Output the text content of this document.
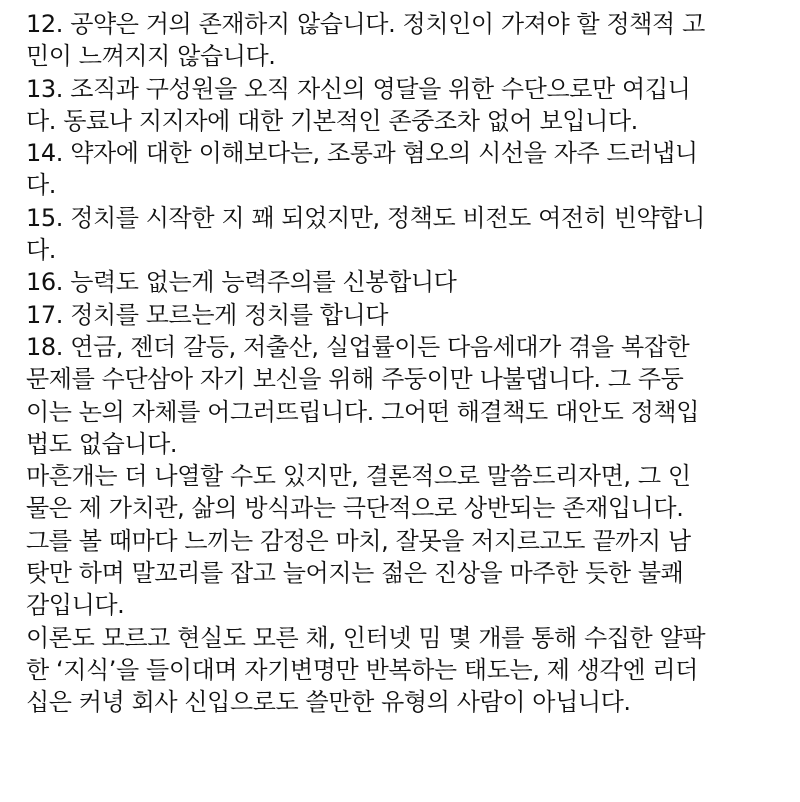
12. 공약은 거의 존재하지 않습니다. 정치인이 가져야 할 정책적 고
민이 느껴지지 않습니다.
13. 조직과 구성원을 오직 자신의 영달을 위한 수단으로만 여깁니
다. 동료나 지지자에 대한 기본적인 존중조차 없어 보입니다.
14. 약자에 대한 이해보다는, 조롱과 혐오의 시선을 자주 드러냅니
다.
15. 정치를 시작한 지 꽤 되었지만, 정책도 비전도 여전히 빈약합니
다.
16. 능력도 없는게 능력주의를 신봉합니다
17. 정치를 모르는게 정치를 합니다
18. 연금, 젠더 갈등, 저출산, 실업률이든 다음세대가 겪을 복잡한
문제를 수단삼아 자기 보신을 위해 주둥이만 나불댑니다. 그 주둥
이는 논의 자체를 어그러뜨립니다. 그어떤 해결책도 대안도 정책입
법도 없습니다.
마흔개는 더 나열할 수도 있지만, 결론적으로 말씀드리자면, 그 인
물은 제 가치관, 삶의 방식과는 극단적으로 상반되는 존재입니다.
그를 볼 때마다 느끼는 감정은 마치, 잘못을 저지르고도 끝까지 남
탓만 하며 말꼬리를 잡고 늘어지는 젊은 진상을 마주한 듯한 불쾌
감입니다.
이론도 모르고 현실도 모른 채, 인터넷 밈 몇 개를 통해 수집한 얄팍
한 ‘지식’을 들이대며 자기변명만 반복하는 태도는, 제 생각엔 리더
십은 커녕 회사 신입으로도 쓸만한 유형의 사람이 아닙니다.
